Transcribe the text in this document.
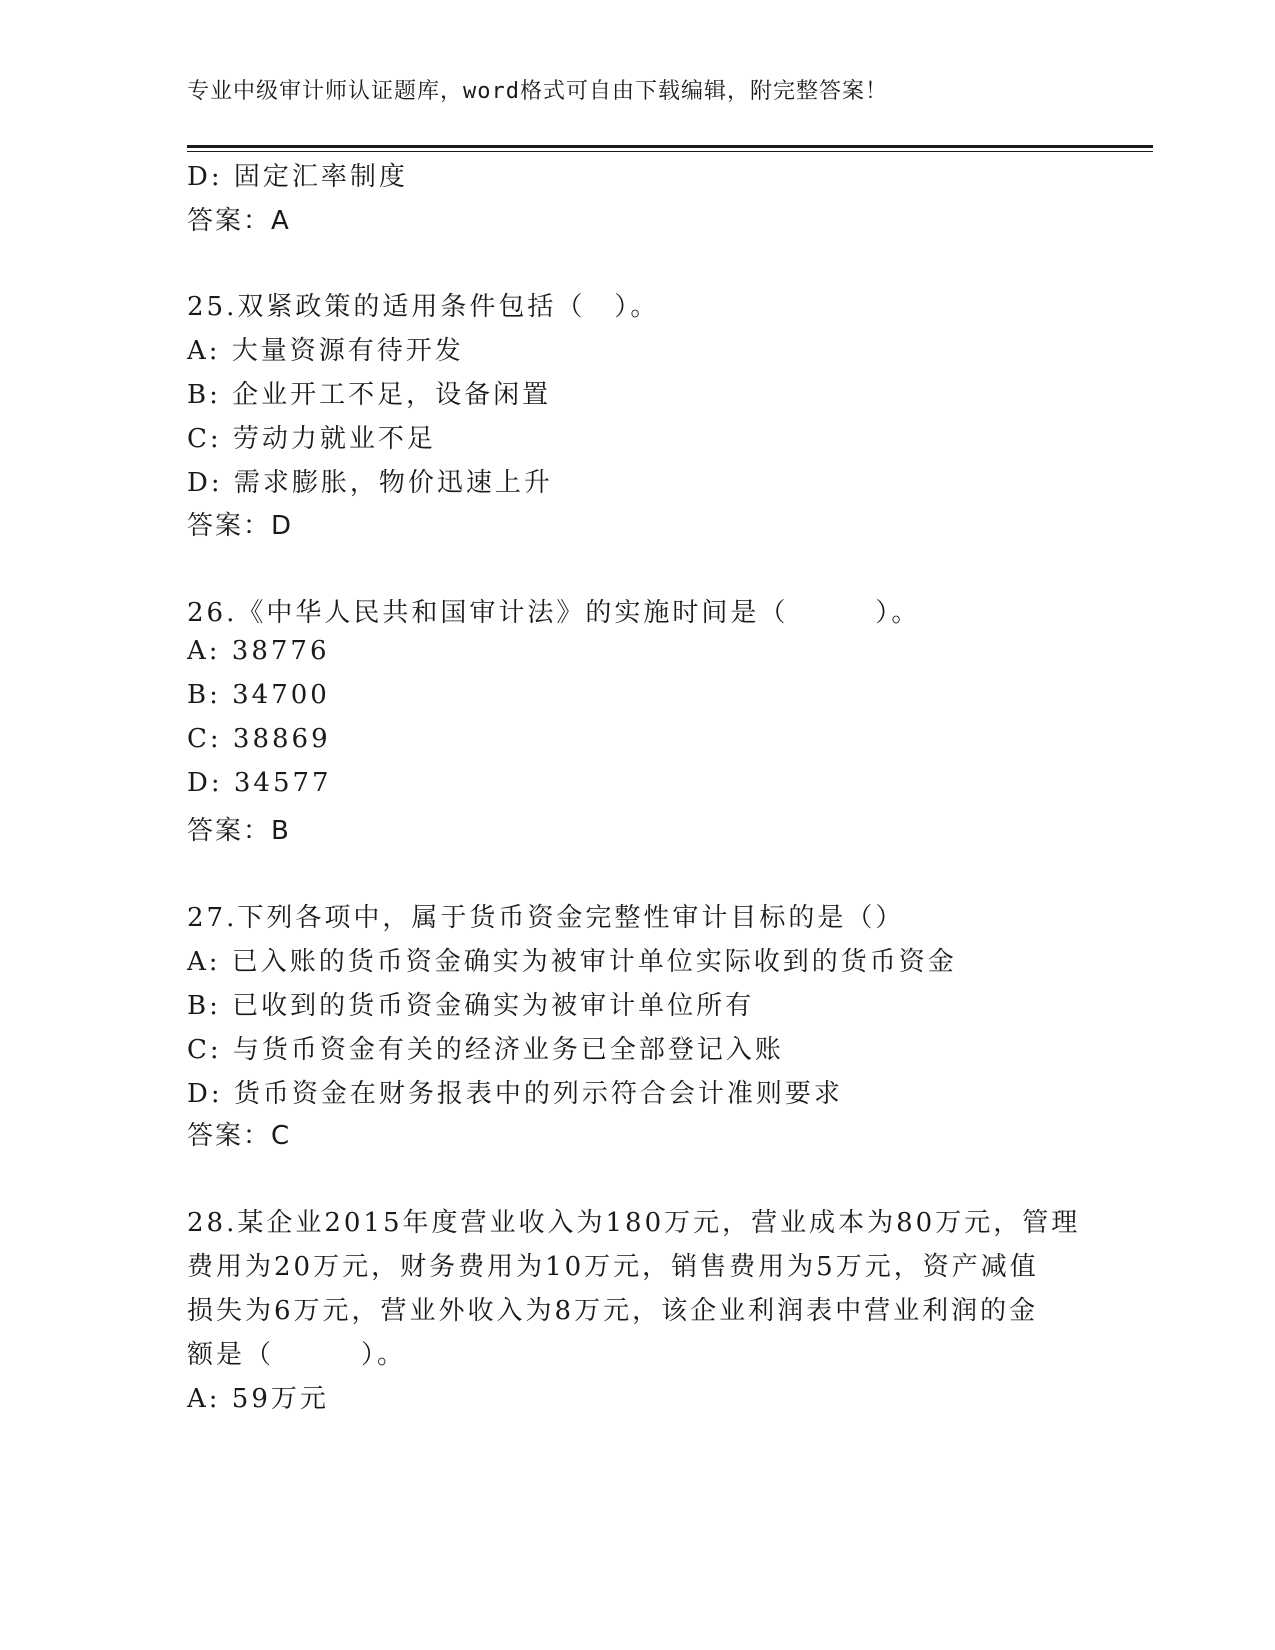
专业中级审计师认证题库，word格式可自由下载编辑，附完整答案！
D: 固定汇率制度
答案：A
25.双紧政策的适用条件包括（　）。
A: 大量资源有待开发
B: 企业开工不足，设备闲置
C: 劳动力就业不足
D: 需求膨胀，物价迅速上升
答案：D
26.《中华人民共和国审计法》的实施时间是（　　　）。
A: 38776
B: 34700
C: 38869
D: 34577
答案：B
27.下列各项中，属于货币资金完整性审计目标的是（）
A: 已入账的货币资金确实为被审计单位实际收到的货币资金
B: 已收到的货币资金确实为被审计单位所有
C: 与货币资金有关的经济业务已全部登记入账
D: 货币资金在财务报表中的列示符合会计准则要求
答案：C
28.某企业2015年度营业收入为180万元，营业成本为80万元，管理
费用为20万元，财务费用为10万元，销售费用为5万元，资产减值
损失为6万元，营业外收入为8万元，该企业利润表中营业利润的金
额是（　　　）。
A: 59万元
